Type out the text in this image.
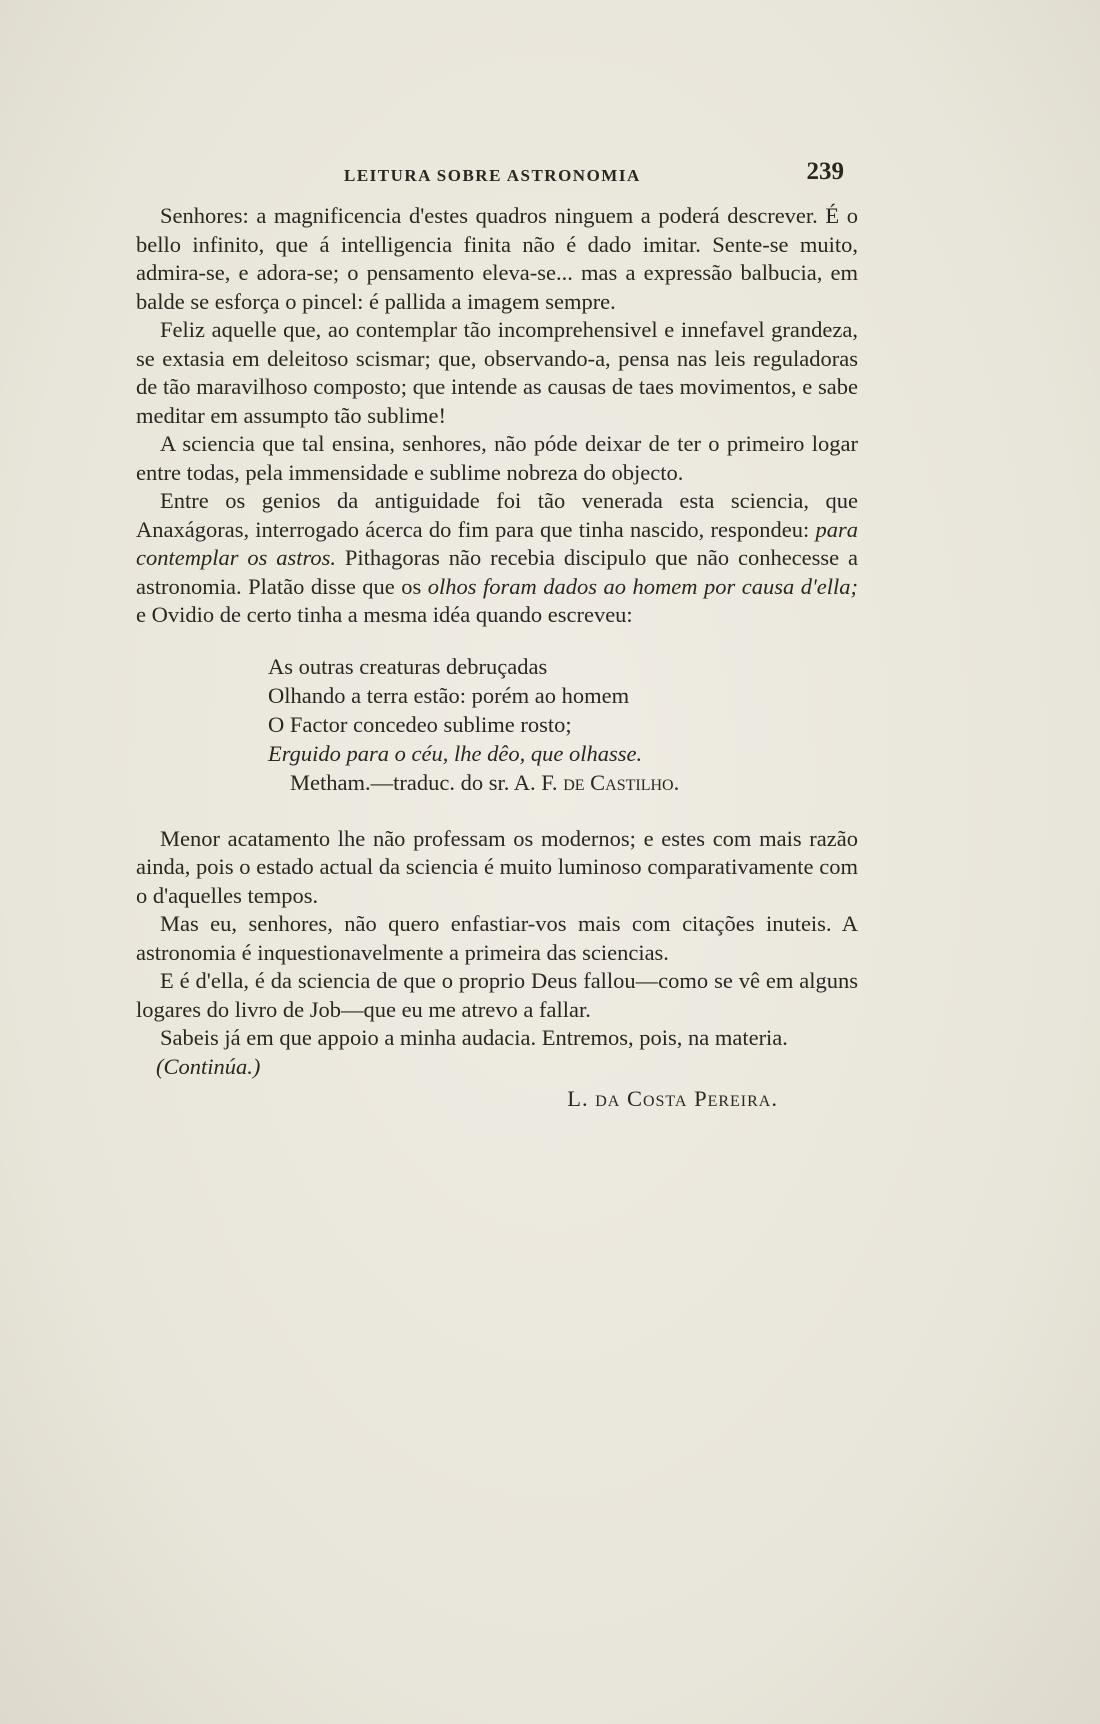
LEITURA SOBRE ASTRONOMIA	239

Senhores: a magnificencia d'estes quadros ninguem a poderá descrever. É o bello infinito, que á intelligencia finita não é dado imitar. Sente-se muito, admira-se, e adora-se; o pensamento eleva-se... mas a expressão balbucia, em balde se esforça o pincel: é pallida a imagem sempre.

Feliz aquelle que, ao contemplar tão incomprehensivel e innefavel grandeza, se extasia em deleitoso scismar; que, observando-a, pensa nas leis reguladoras de tão maravilhoso composto; que intende as causas de taes movimentos, e sabe meditar em assumpto tão sublime!

A sciencia que tal ensina, senhores, não póde deixar de ter o primeiro logar entre todas, pela immensidade e sublime nobreza do objecto.

Entre os genios da antiguidade foi tão venerada esta sciencia, que Anaxágoras, interrogado ácerca do fim para que tinha nascido, respondeu: para contemplar os astros. Pithagoras não recebia discipulo que não conhecesse a astronomia. Platão disse que os olhos foram dados ao homem por causa d'ella; e Ovidio de certo tinha a mesma idéa quando escreveu:

As outras creaturas debruçadas
Olhando a terra estão: porém ao homem
O Factor concedeo sublime rosto;
Erguido para o céu, lhe dêo, que olhasse.
Metham.—traduc. do sr. A. F. de Castilho.

Menor acatamento lhe não professam os modernos; e estes com mais razão ainda, pois o estado actual da sciencia é muito luminoso comparativamente com o d'aquelles tempos.

Mas eu, senhores, não quero enfastiar-vos mais com citações inuteis. A astronomia é inquestionavelmente a primeira das sciencias.

E é d'ella, é da sciencia de que o proprio Deus fallou—como se vê em alguns logares do livro de Job—que eu me atrevo a fallar.

Sabeis já em que appoio a minha audacia. Entremos, pois, na materia.

(Continúa.)
L. da Costa Pereira.
